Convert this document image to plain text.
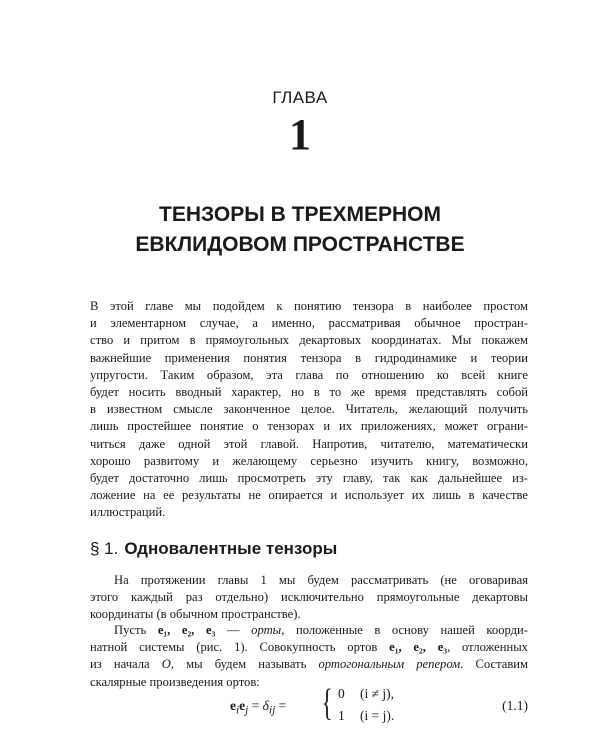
ГЛАВА
1
ТЕНЗОРЫ В ТРЕХМЕРНОМ
ЕВКЛИДОВОМ ПРОСТРАНСТВЕ
В этой главе мы подойдем к понятию тензора в наиболее простом
и элементарном случае, а именно, рассматривая обычное простран-
ство и притом в прямоугольных декартовых координатах. Мы покажем
важнейшие применения понятия тензора в гидродинамике и теории
упругости. Таким образом, эта глава по отношению ко всей книге
будет носить вводный характер, но в то же время представлять собой
в известном смысле законченное целое. Читатель, желающий получить
лишь простейшее понятие о тензорах и их приложениях, может ограни-
читься даже одной этой главой. Напротив, читателю, математически
хорошо развитому и желающему серьезно изучить книгу, возможно,
будет достаточно лишь просмотреть эту главу, так как дальнейшее из-
ложение на ее результаты не опирается и использует их лишь в качестве
иллюстраций.
§ 1. Одновалентные тензоры
На протяжении главы 1 мы будем рассматривать (не оговаривая
этого каждый раз отдельно) исключительно прямоугольные декартовы
координаты (в обычном пространстве).
Пусть e₁, e₂, e₃ — орты, положенные в основу нашей коорди-
натной системы (рис. 1). Совокупность ортов e₁, e₂, e₃, отложенных
из начала O, мы будем называть ортогональным репером. Составим
скалярные произведения ортов:
$e_ie_j = \delta_{ij}$ = { 0 (i ≠ j),
1 (i = j).
(1.1)
